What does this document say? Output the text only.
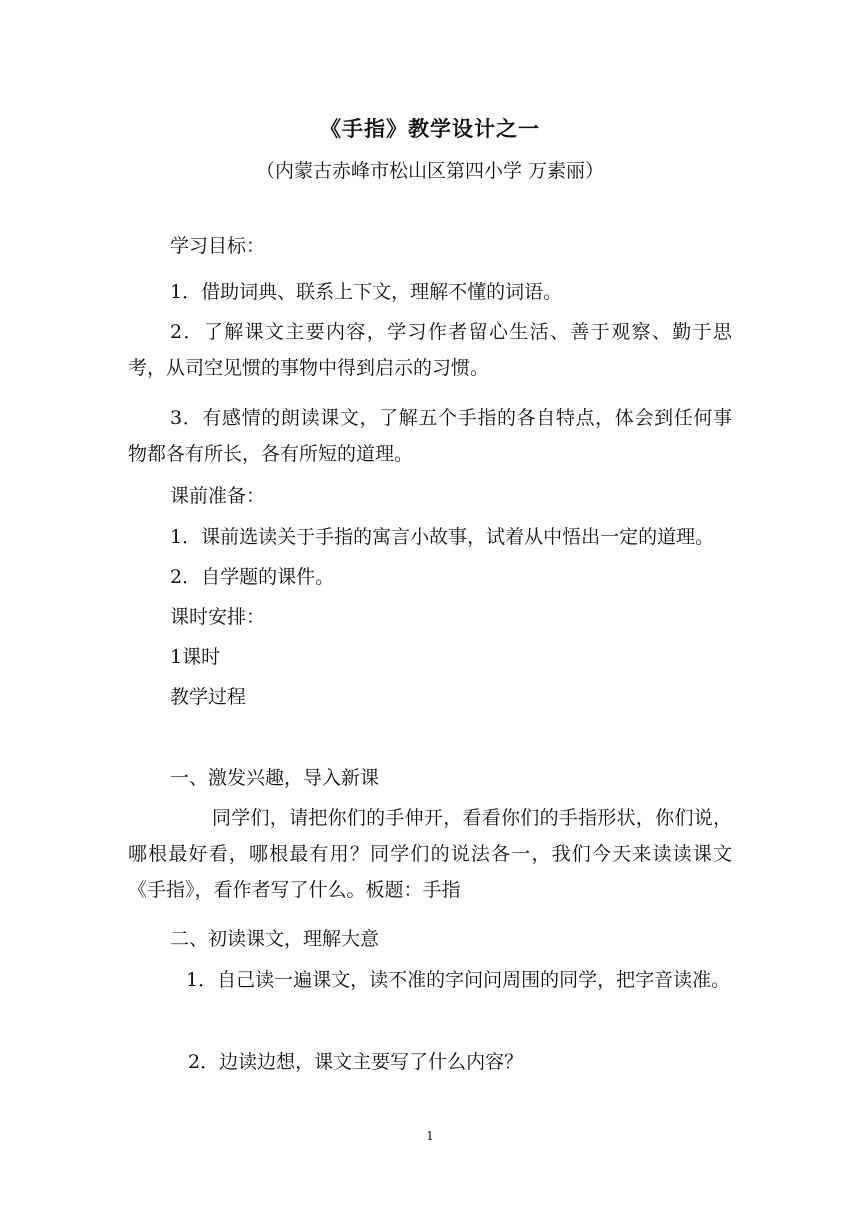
《手指》教学设计之一
（内蒙古赤峰市松山区第四小学 万素丽）
学习目标：
1．借助词典、联系上下文，理解不懂的词语。
2．了解课文主要内容，学习作者留心生活、善于观察、勤于思考，从司空见惯的事物中得到启示的习惯。
3．有感情的朗读课文，了解五个手指的各自特点，体会到任何事物都各有所长，各有所短的道理。
课前准备：
1．课前选读关于手指的寓言小故事，试着从中悟出一定的道理。
2．自学题的课件。
课时安排：
1课时
教学过程
一、激发兴趣，导入新课
同学们，请把你们的手伸开，看看你们的手指形状，你们说，哪根最好看，哪根最有用？同学们的说法各一，我们今天来读读课文《手指》，看作者写了什么。板题：手指
二、初读课文，理解大意
1．自己读一遍课文，读不准的字问问周围的同学，把字音读准。
2．边读边想，课文主要写了什么内容？
1
